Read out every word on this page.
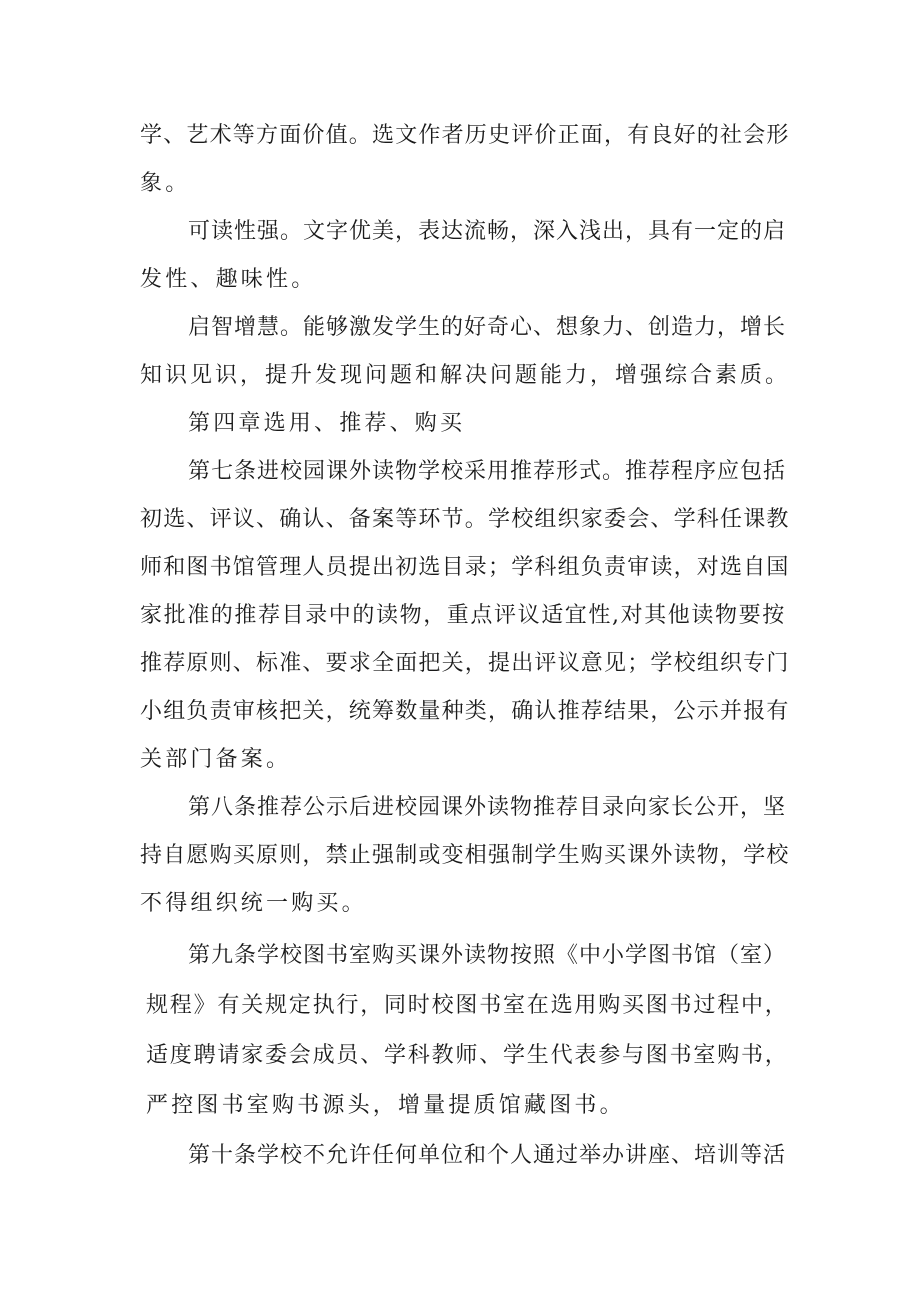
学、艺术等方面价值。选文作者历史评价正面，有良好的社会形
象。
可读性强。文字优美，表达流畅，深入浅出，具有一定的启
发性、趣味性。
启智增慧。能够激发学生的好奇心、想象力、创造力，增长
知识见识，提升发现问题和解决问题能力，增强综合素质。
第四章选用、推荐、购买
第七条进校园课外读物学校采用推荐形式。推荐程序应包括
初选、评议、确认、备案等环节。学校组织家委会、学科任课教
师和图书馆管理人员提出初选目录；学科组负责审读，对选自国
家批准的推荐目录中的读物，重点评议适宜性,对其他读物要按
推荐原则、标准、要求全面把关，提出评议意见；学校组织专门
小组负责审核把关，统筹数量种类，确认推荐结果，公示并报有
关部门备案。
第八条推荐公示后进校园课外读物推荐目录向家长公开，坚
持自愿购买原则，禁止强制或变相强制学生购买课外读物，学校
不得组织统一购买。
第九条学校图书室购买课外读物按照《中小学图书馆（室）
规程》有关规定执行，同时校图书室在选用购买图书过程中，
适度聘请家委会成员、学科教师、学生代表参与图书室购书，
严控图书室购书源头，增量提质馆藏图书。
第十条学校不允许任何单位和个人通过举办讲座、培训等活
